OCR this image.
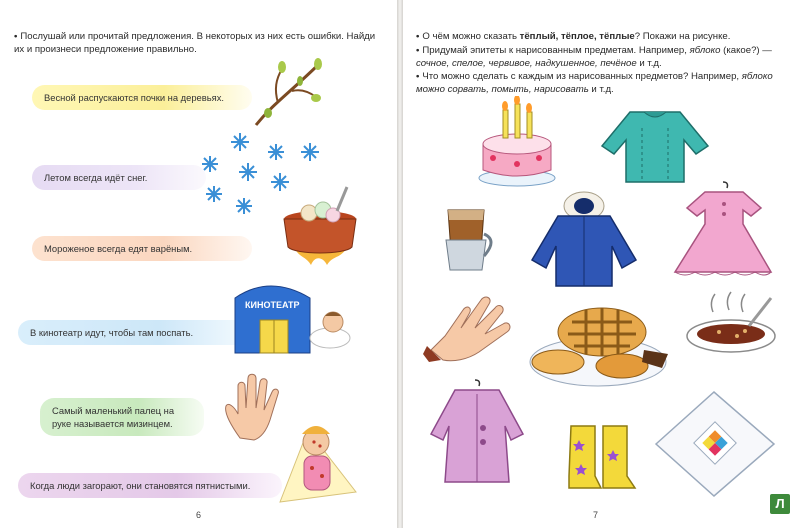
• Послушай или прочитай предложения. В некоторых из них есть ошибки. Найди их и произнеси предложение правильно.
Весной распускаются почки на деревьях.
Летом всегда идёт снег.
Мороженое всегда едят варёным.
В кинотеатр идут, чтобы там поспать.
Самый маленький палец на руке называется мизинцем.
Когда люди загорают, они становятся пятнистыми.
КИНОТЕАТР
6
• О чём можно сказать тёплый, тёплое, тёплые? Покажи на рисунке.
• Придумай эпитеты к нарисованным предметам. Например, яблоко (какое?) — сочное, спелое, червивое, надкушенное, печёное и т.д.
• Что можно сделать с каждым из нарисованных предметов? Например, яблоко можно сорвать, помыть, нарисовать и т.д.
7
Л
